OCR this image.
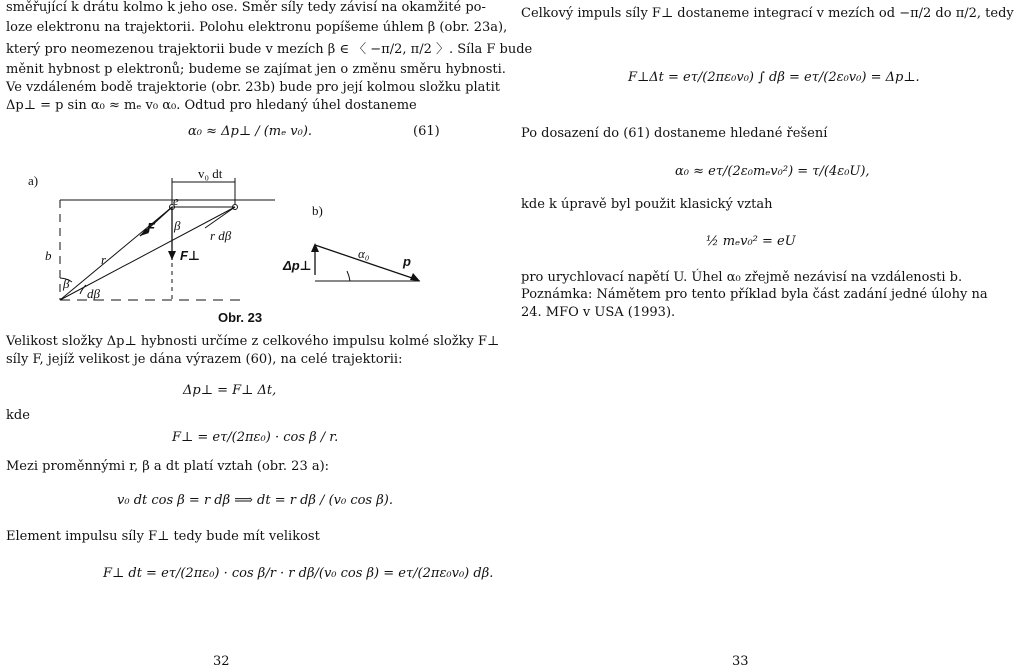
směřující k drátu kolmo k jeho ose. Směr síly tedy závisí na okamžité po-
loze elektronu na trajektorii. Polohu elektronu popíšeme úhlem β (obr. 23a),
který pro neomezenou trajektorii bude v mezích β ∈ 〈 −π/2, π/2 〉. Síla F bude
měnit hybnost p elektronů; budeme se zajímat jen o změnu směru hybnosti.
Ve vzdáleném bodě trajektorie (obr. 23b) bude pro její kolmou složku platit
Δp⊥ = p sin α₀ ≈ mₑ v₀ α₀. Odtud pro hledaný úhel dostaneme
α₀ ≈ Δp⊥ / (mₑ v₀).	(61)
a)	v₀ dt
e
β
F
r dβ
F⊥
b	r
β
dβ
Obr. 23
b)
Δp⊥
α₀
p
Velikost složky Δp⊥ hybnosti určíme z celkového impulsu kolmé složky F⊥
síly F, jejíž velikost je dána výrazem (60), na celé trajektorii:
Δp⊥ = F⊥ Δt,
kde
F⊥ = eτ/(2πε₀) · cos β / r.
Mezi proměnnými r, β a dt platí vztah (obr. 23 a):
v₀ dt cos β = r dβ ⟹ dt = r dβ / (v₀ cos β).
Element impulsu síly F⊥ tedy bude mít velikost
F⊥ dt = eτ/(2πε₀) · cos β/r · r dβ/(v₀ cos β) = eτ/(2πε₀v₀) dβ.
32
Celkový impuls síly F⊥ dostaneme integrací v mezích od −π/2 do π/2, tedy
F⊥Δt = eτ/(2πε₀v₀) ∫ dβ = eτ/(2ε₀v₀) = Δp⊥.
Po dosazení do (61) dostaneme hledané řešení
α₀ ≈ eτ/(2ε₀mₑv₀²) = τ/(4ε₀U),
kde k úpravě byl použit klasický vztah
½ mₑv₀² = eU
pro urychlovací napětí U. Úhel α₀ zřejmě nezávisí na vzdálenosti b.
Poznámka: Námětem pro tento příklad byla část zadání jedné úlohy na
24. MFO v USA (1993).
33
